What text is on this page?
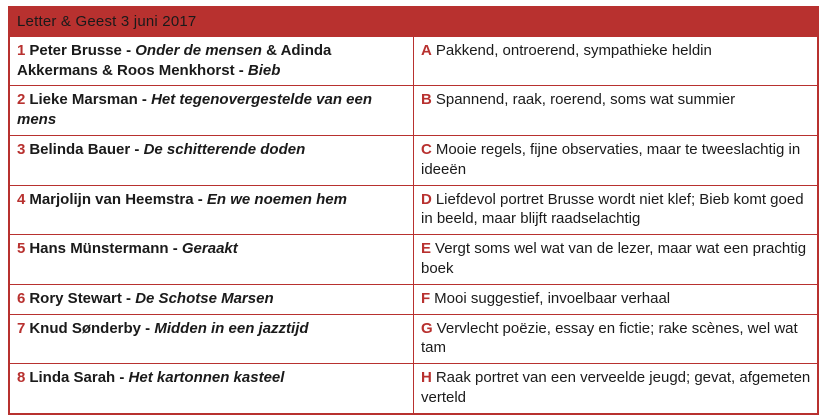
Letter & Geest 3 juni 2017	
1 Peter Brusse - Onder de mensen & Adinda Akkermans & Roos Menkhorst - Bieb	A Pakkend, ontroerend, sympathieke heldin
2 Lieke Marsman - Het tegenovergestelde van een mens	B Spannend, raak, roerend, soms wat summier
3 Belinda Bauer - De schitterende doden	C Mooie regels, fijne observaties, maar te tweeslachtig in ideeën
4 Marjolijn van Heemstra - En we noemen hem	D Liefdevol portret Brusse wordt niet klef; Bieb komt goed in beeld, maar blijft raadselachtig
5 Hans Münstermann - Geraakt	E Vergt soms wel wat van de lezer, maar wat een prachtig boek
6 Rory Stewart - De Schotse Marsen	F Mooi suggestief, invoelbaar verhaal
7 Knud Sønderby - Midden in een jazztijd	G Vervlecht poëzie, essay en fictie; rake scènes, wel wat tam
8 Linda Sarah - Het kartonnen kasteel	H Raak portret van een verveelde jeugd; gevat, afgemeten verteld
